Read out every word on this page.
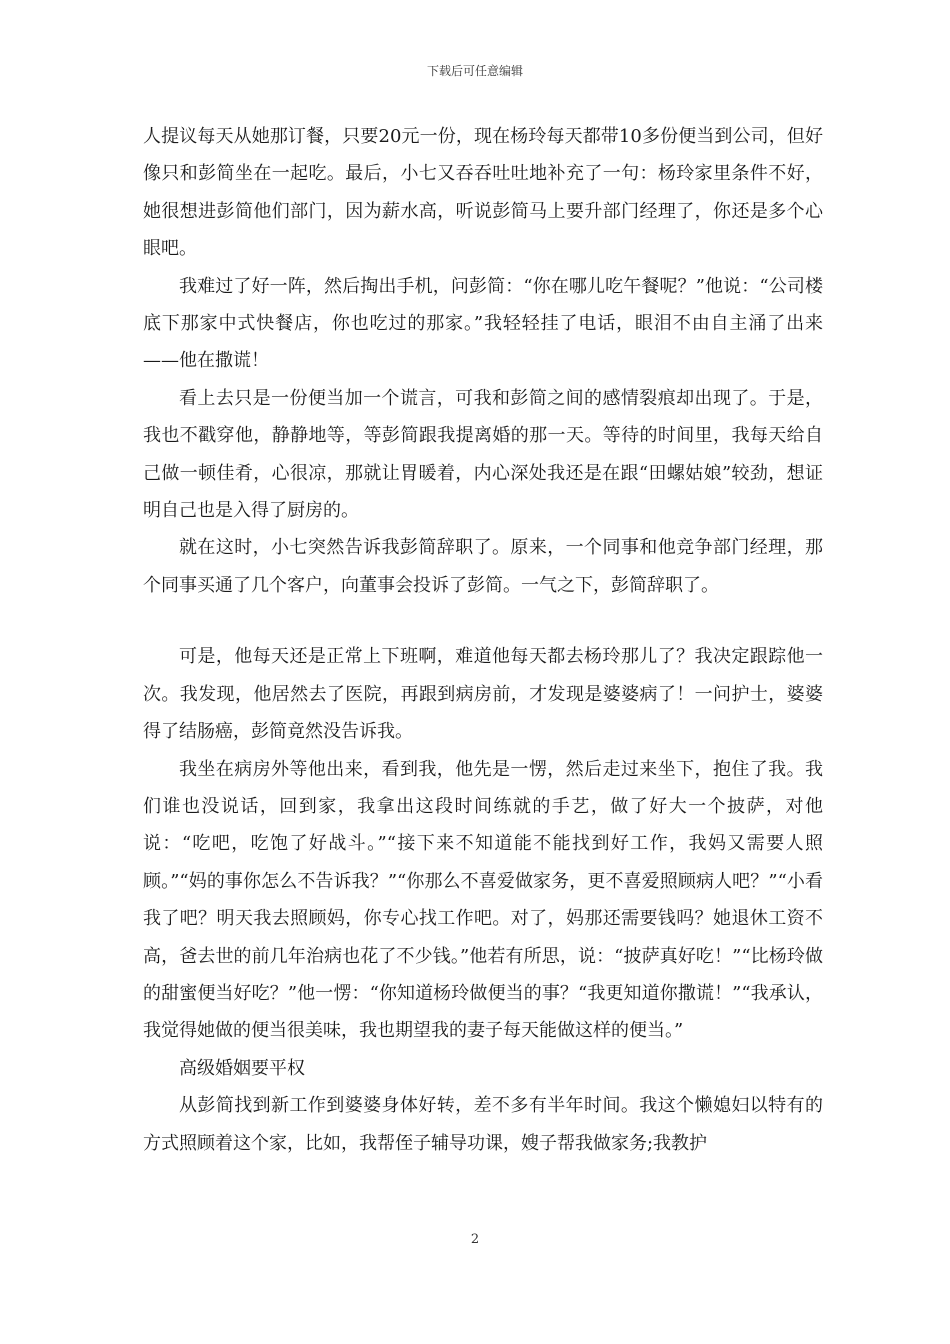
下载后可任意编辑

人提议每天从她那订餐，只要20元一份，现在杨玲每天都带10多份便当到公司，但好像只和彭简坐在一起吃。最后，小七又吞吞吐吐地补充了一句：杨玲家里条件不好，她很想进彭简他们部门，因为薪水高，听说彭简马上要升部门经理了，你还是多个心眼吧。

我难过了好一阵，然后掏出手机，问彭简：“你在哪儿吃午餐呢？”他说：“公司楼底下那家中式快餐店，你也吃过的那家。”我轻轻挂了电话，眼泪不由自主涌了出来——他在撒谎！

看上去只是一份便当加一个谎言，可我和彭简之间的感情裂痕却出现了。于是，我也不戳穿他，静静地等，等彭简跟我提离婚的那一天。等待的时间里，我每天给自己做一顿佳肴，心很凉，那就让胃暖着，内心深处我还是在跟“田螺姑娘”较劲，想证明自己也是入得了厨房的。

就在这时，小七突然告诉我彭简辞职了。原来，一个同事和他竞争部门经理，那个同事买通了几个客户，向董事会投诉了彭简。一气之下，彭简辞职了。

可是，他每天还是正常上下班啊，难道他每天都去杨玲那儿了？我决定跟踪他一次。我发现，他居然去了医院，再跟到病房前，才发现是婆婆病了！一问护士，婆婆得了结肠癌，彭简竟然没告诉我。

我坐在病房外等他出来，看到我，他先是一愣，然后走过来坐下，抱住了我。我们谁也没说话，回到家，我拿出这段时间练就的手艺，做了好大一个披萨，对他说：“吃吧，吃饱了好战斗。”“接下来不知道能不能找到好工作，我妈又需要人照顾。”“妈的事你怎么不告诉我？”“你那么不喜爱做家务，更不喜爱照顾病人吧？”“小看我了吧？明天我去照顾妈，你专心找工作吧。对了，妈那还需要钱吗？她退休工资不高，爸去世的前几年治病也花了不少钱。”他若有所思，说：“披萨真好吃！”“比杨玲做的甜蜜便当好吃？”他一愣：“你知道杨玲做便当的事？“我更知道你撒谎！”“我承认，我觉得她做的便当很美味，我也期望我的妻子每天能做这样的便当。”

高级婚姻要平权

从彭简找到新工作到婆婆身体好转，差不多有半年时间。我这个懒媳妇以特有的方式照顾着这个家，比如，我帮侄子辅导功课，嫂子帮我做家务;我教护

2
